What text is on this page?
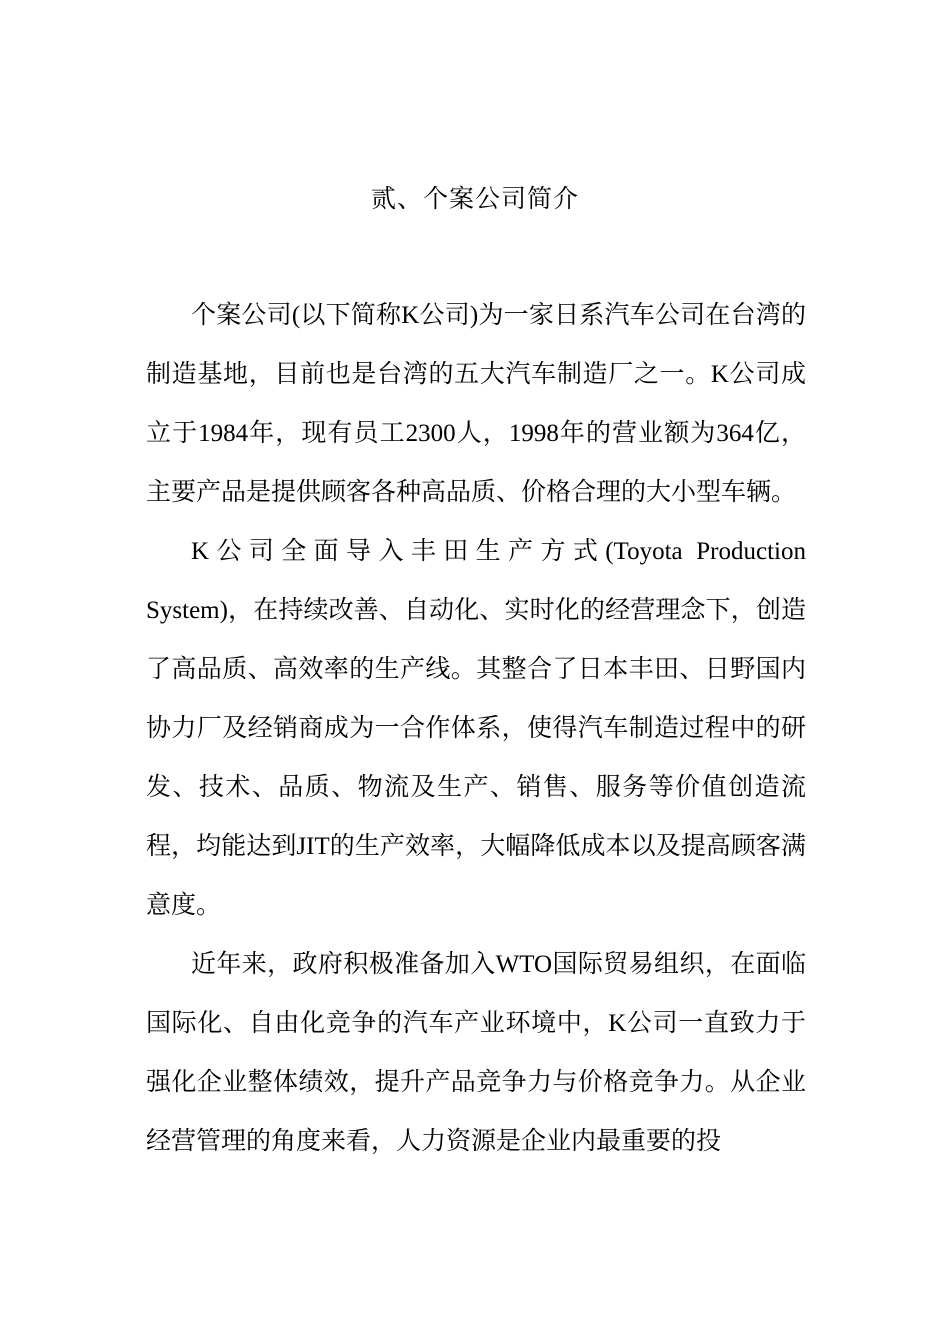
贰、个案公司简介

个案公司(以下简称K公司)为一家日系汽车公司在台湾的制造基地，目前也是台湾的五大汽车制造厂之一。K公司成立于1984年，现有员工2300人，1998年的营业额为364亿，主要产品是提供顾客各种高品质、价格合理的大小型车辆。

K公司全面导入丰田生产方式(Toyota Production System)，在持续改善、自动化、实时化的经营理念下，创造了高品质、高效率的生产线。其整合了日本丰田、日野国内协力厂及经销商成为一合作体系，使得汽车制造过程中的研发、技术、品质、物流及生产、销售、服务等价值创造流程，均能达到JIT的生产效率，大幅降低成本以及提高顾客满意度。

近年来，政府积极准备加入WTO国际贸易组织，在面临国际化、自由化竞争的汽车产业环境中，K公司一直致力于强化企业整体绩效，提升产品竞争力与价格竞争力。从企业经营管理的角度来看，人力资源是企业内最重要的投
